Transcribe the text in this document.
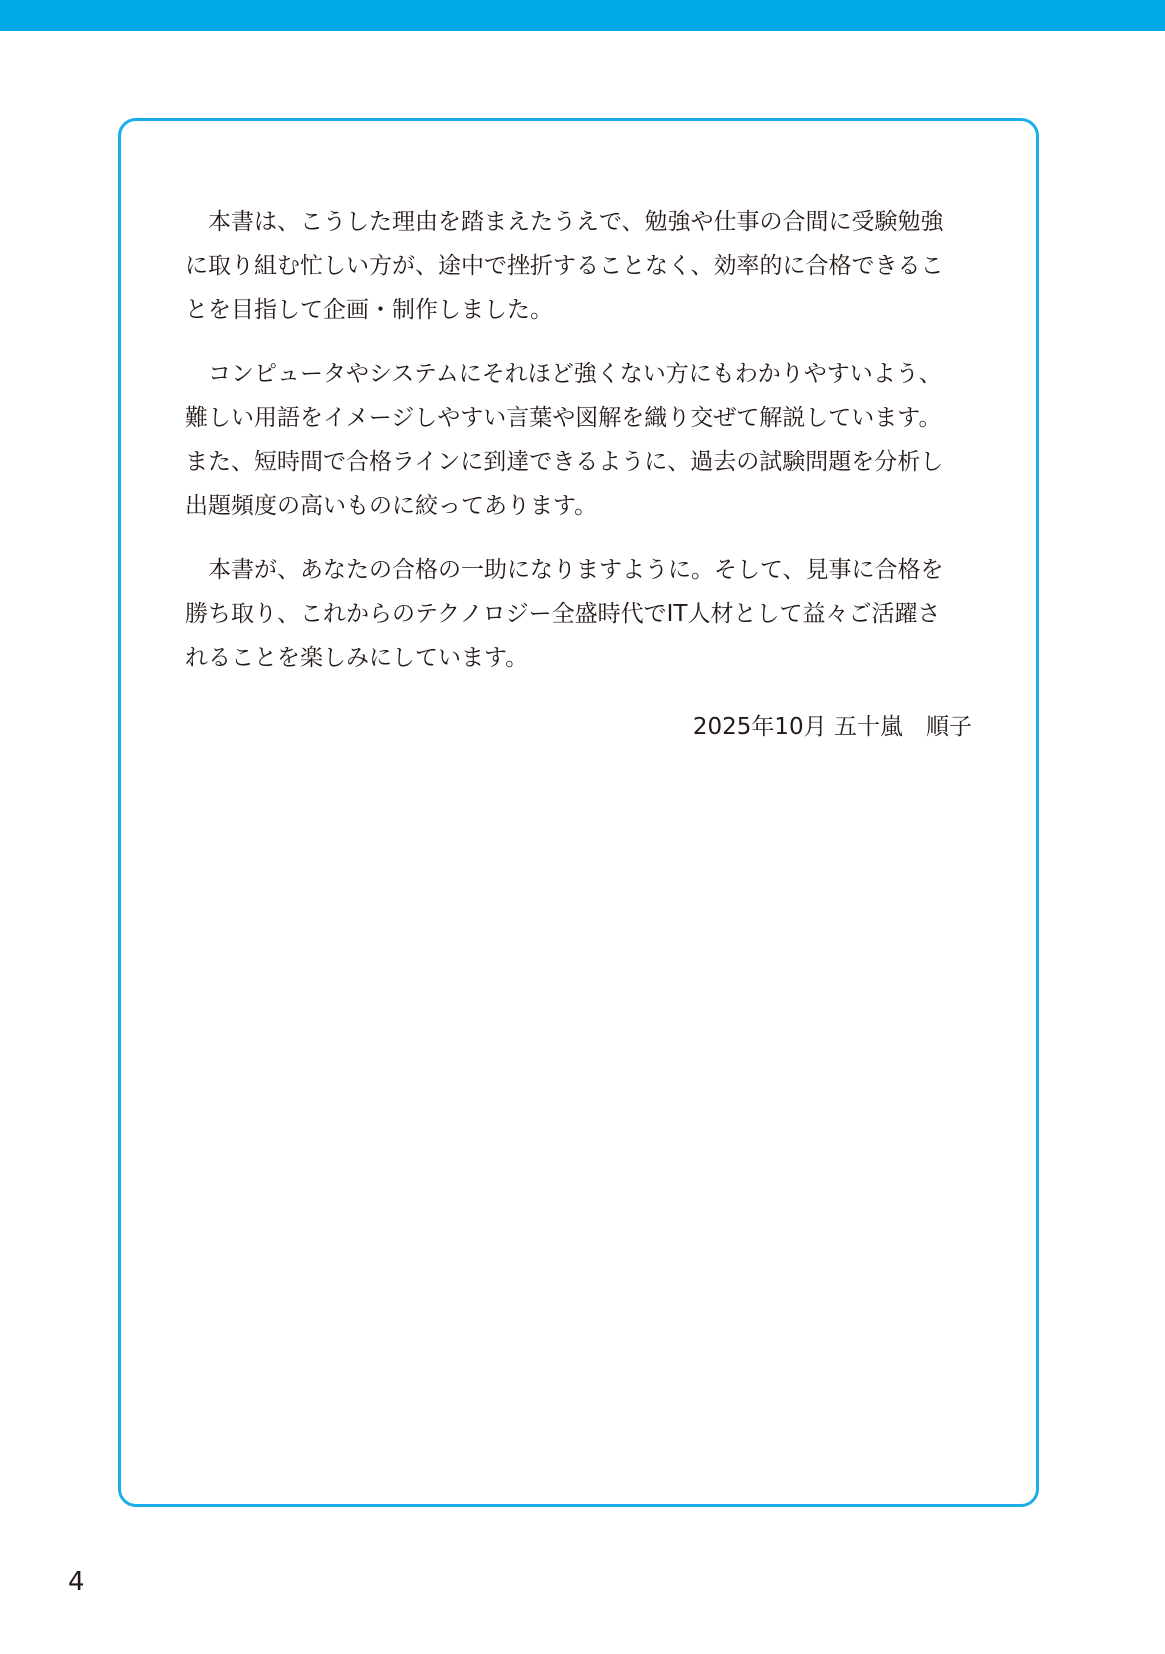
本書は、こうした理由を踏まえたうえで、勉強や仕事の合間に受験勉強
に取り組む忙しい方が、途中で挫折することなく、効率的に合格できるこ
とを目指して企画・制作しました。

コンピュータやシステムにそれほど強くない方にもわかりやすいよう、
難しい用語をイメージしやすい言葉や図解を織り交ぜて解説しています。
また、短時間で合格ラインに到達できるように、過去の試験問題を分析し
出題頻度の高いものに絞ってあります。

本書が、あなたの合格の一助になりますように。そして、見事に合格を
勝ち取り、これからのテクノロジー全盛時代でIT人材として益々ご活躍さ
れることを楽しみにしています。

2025年10月 五十嵐　順子
4
